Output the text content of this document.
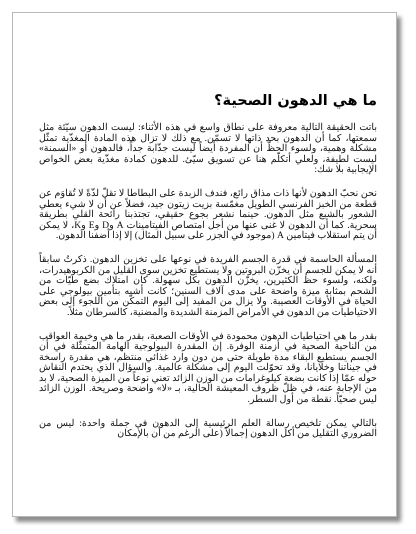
ما هي الدهون الصحية؟

باتت الحقيقة التالية معروفة على نطاق واسع في هذه الأثناء: ليست الدهون سيّئة مثل سمعتها، كما أن الدهون بحد ذاتها لا تسمّن. مع ذلك لا تزال هذه المادة المغذّية تمثّل مشكلة وهمية، ولسوء الحظّ أن المفردة أيضاً ليست جذّابة جداً، فالدهون أو «السمنة» ليست لطيفة، ولعلي أتكلّم هنا عن تسويق سيّئ. للدهون كمادة مغذّية بعض الخواص الإيجابية بلا شك:

نحن نحبّ الدهون لأنها ذات مذاق رائع، فندف الزبدة على البطاطا لا تقلّ لذّةً لا تُقاوَم عن قطعة من الخبز الفرنسي الطويل مغمّسة بزيت زيتون جيد، فضلاً عن أن لا شيء يعطي الشعور بالشبع مثل الدهون. حينما نشعر بجوع حقيقي، تجتذبنا رائحة القلي بطريقة سحرية. كما أن الدهون لا غنى عنها من أجل امتصاص الفيتامينات A وD وE وK، لا يمكن أن يتم استقلاب فيتامين A (موجود في الجزر على سبيل المثال) إلا إذا أضفنا الدهون.

المسألة الحاسمة في قدرة الجسم الفريدة في نوعها على تخزين الدهون. ذكرتُ سابقاً أنه لا يمكن للجسم أن يخزّن البروتين ولا يستطيع تخزين سوى القليل من الكربوهيدرات، ولكنه، ولسوء حظ الكثيرين، يخزّن الدهون بكل سهولة. كان امتلاك بضع طيّات من الشحم بمثابة ميزة واضحة على مدى آلاف السنين؛ كانت أشبه بتأمين بيولوجي على الحياة في الأوقات العصيبة. ولا يزال من المفيد إلى اليوم التمكّن من اللجوء إلى بعض الاحتياطيات من الدهون في الأمراض المزمنة الشديدة والمضنية، كالسرطان مثلاً.

بقدر ما هي احتياطيات الدهون محمودة في الأوقات الصعبة، بقدر ما هي وخيمة العواقب من الناحية الصحية في أزمنة الوفرة. إن المقدرة البيولوجية الهامة المتمثّلة في أن الجسم يستطيع البقاء مدة طويلة حتى من دون وارد غذائي منتظم، هي مقدرة راسخة في جيناتنا وخلايانا، وقد تحوّلت اليوم إلى مشكلة عالمية. والسؤال الذي يحتدم النقاش حوله عمّا إذا كانت بضعة كيلوغرامات من الوزن الزائد تعني نوعاً من الميزة الصحية، لا بد من الإجابة عنه، في ظلّ ظروف المعيشة الحالية، بـ «لا» واضحة وصريحة. الوزن الزائد ليس صحيّاً. نقطة من أول السطر.

بالتالي يمكن تلخيص رسالة العلم الرئيسية إلى الدهون في جملة واحدة: ليس من الضروري التقليل من أكل الدهون إجمالاً (على الرغم من أن بالإمكان
